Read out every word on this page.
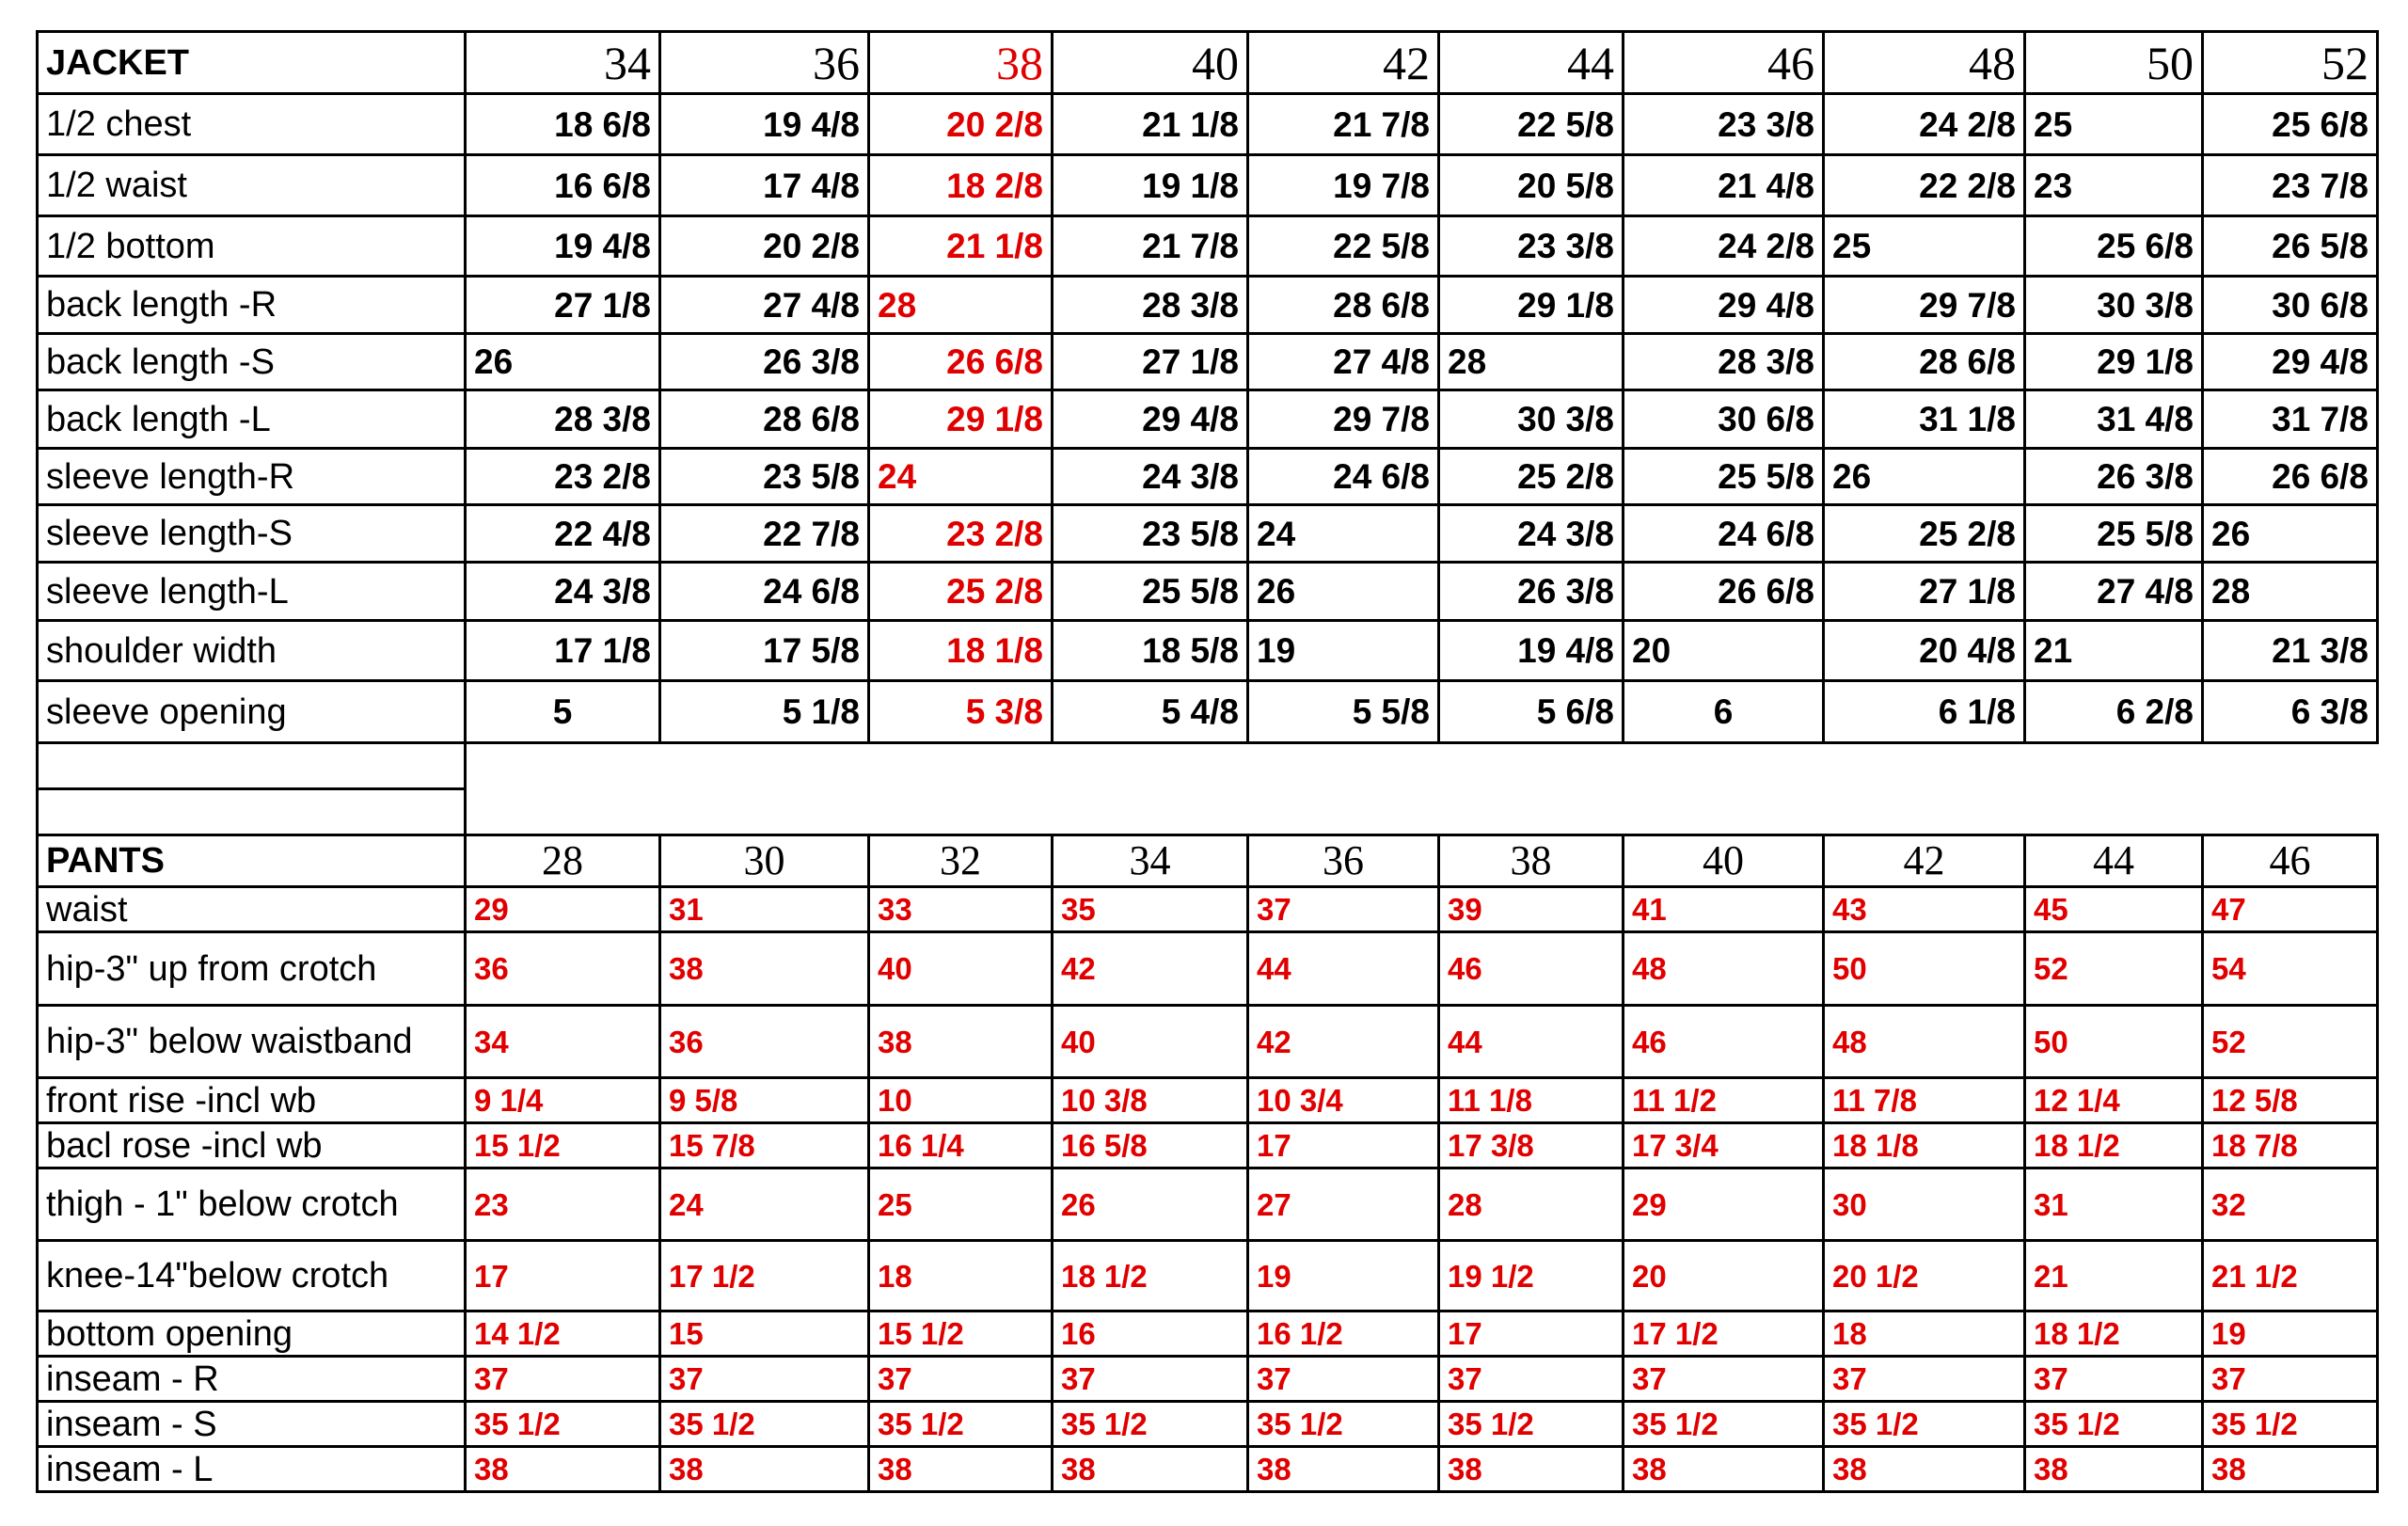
JACKET	34	36	38	40	42	44	46	48	50	52
1/2 chest	18 6/8	19 4/8	20 2/8	21 1/8	21 7/8	22 5/8	23 3/8	24 2/8	25	25 6/8
1/2 waist	16 6/8	17 4/8	18 2/8	19 1/8	19 7/8	20 5/8	21 4/8	22 2/8	23	23 7/8
1/2 bottom	19 4/8	20 2/8	21 1/8	21 7/8	22 5/8	23 3/8	24 2/8	25	25 6/8	26 5/8
back length -R	27 1/8	27 4/8	28	28 3/8	28 6/8	29 1/8	29 4/8	29 7/8	30 3/8	30 6/8
back length -S	26	26 3/8	26 6/8	27 1/8	27 4/8	28	28 3/8	28 6/8	29 1/8	29 4/8
back length -L	28 3/8	28 6/8	29 1/8	29 4/8	29 7/8	30 3/8	30 6/8	31 1/8	31 4/8	31 7/8
sleeve length-R	23 2/8	23 5/8	24	24 3/8	24 6/8	25 2/8	25 5/8	26	26 3/8	26 6/8
sleeve length-S	22 4/8	22 7/8	23 2/8	23 5/8	24	24 3/8	24 6/8	25 2/8	25 5/8	26
sleeve length-L	24 3/8	24 6/8	25 2/8	25 5/8	26	26 3/8	26 6/8	27 1/8	27 4/8	28
shoulder width	17 1/8	17 5/8	18 1/8	18 5/8	19	19 4/8	20	20 4/8	21	21 3/8
sleeve opening	5	5 1/8	5 3/8	5 4/8	5 5/8	5 6/8	6	6 1/8	6 2/8	6 3/8

PANTS	28	30	32	34	36	38	40	42	44	46
waist	29	31	33	35	37	39	41	43	45	47
hip-3" up from crotch	36	38	40	42	44	46	48	50	52	54
hip-3" below waistband	34	36	38	40	42	44	46	48	50	52
front rise -incl wb	9 1/4	9 5/8	10	10 3/8	10 3/4	11 1/8	11 1/2	11 7/8	12 1/4	12 5/8
bacl rose -incl wb	15 1/2	15 7/8	16 1/4	16 5/8	17	17 3/8	17 3/4	18 1/8	18 1/2	18 7/8
thigh - 1" below crotch	23	24	25	26	27	28	29	30	31	32
knee-14"below crotch	17	17 1/2	18	18 1/2	19	19 1/2	20	20 1/2	21	21 1/2
bottom opening	14 1/2	15	15 1/2	16	16 1/2	17	17 1/2	18	18 1/2	19
inseam - R	37	37	37	37	37	37	37	37	37	37
inseam - S	35 1/2	35 1/2	35 1/2	35 1/2	35 1/2	35 1/2	35 1/2	35 1/2	35 1/2	35 1/2
inseam - L	38	38	38	38	38	38	38	38	38	38
